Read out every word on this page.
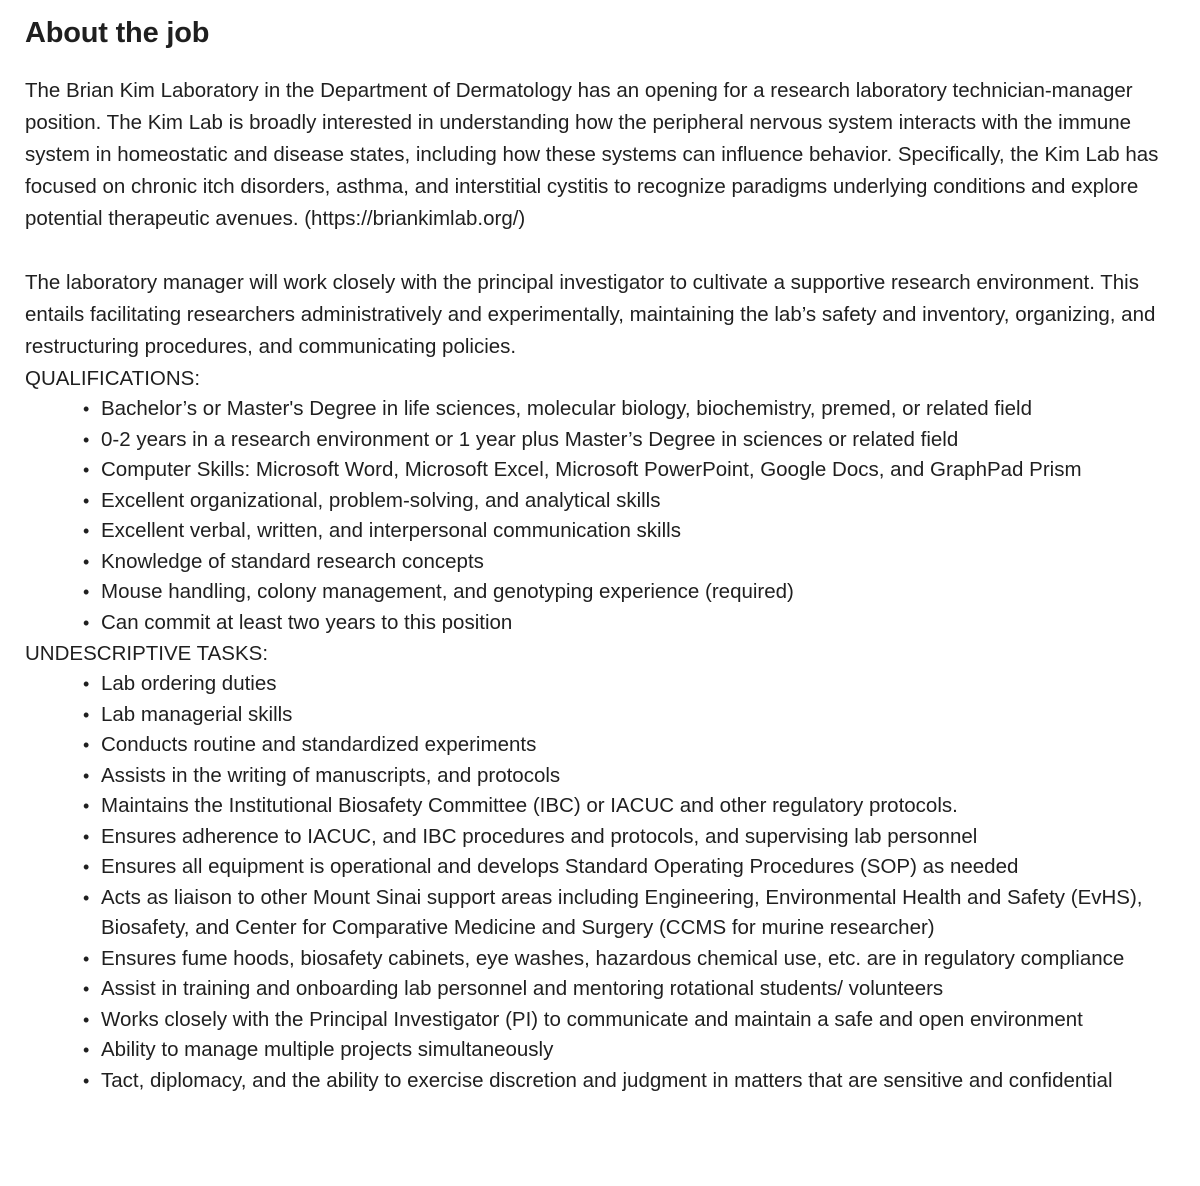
About the job

The Brian Kim Laboratory in the Department of Dermatology has an opening for a research laboratory technician-manager position. The Kim Lab is broadly interested in understanding how the peripheral nervous system interacts with the immune system in homeostatic and disease states, including how these systems can influence behavior. Specifically, the Kim Lab has focused on chronic itch disorders, asthma, and interstitial cystitis to recognize paradigms underlying conditions and explore potential therapeutic avenues. (https://briankimlab.org/)

The laboratory manager will work closely with the principal investigator to cultivate a supportive research environment. This entails facilitating researchers administratively and experimentally, maintaining the lab’s safety and inventory, organizing, and restructuring procedures, and communicating policies.

QUALIFICATIONS:

• Bachelor’s or Master's Degree in life sciences, molecular biology, biochemistry, premed, or related field
• 0-2 years in a research environment or 1 year plus Master’s Degree in sciences or related field
• Computer Skills: Microsoft Word, Microsoft Excel, Microsoft PowerPoint, Google Docs, and GraphPad Prism
• Excellent organizational, problem-solving, and analytical skills
• Excellent verbal, written, and interpersonal communication skills
• Knowledge of standard research concepts
• Mouse handling, colony management, and genotyping experience (required)
• Can commit at least two years to this position

UNDESCRIPTIVE TASKS:

• Lab ordering duties
• Lab managerial skills
• Conducts routine and standardized experiments
• Assists in the writing of manuscripts, and protocols
• Maintains the Institutional Biosafety Committee (IBC) or IACUC and other regulatory protocols.
• Ensures adherence to IACUC, and IBC procedures and protocols, and supervising lab personnel
• Ensures all equipment is operational and develops Standard Operating Procedures (SOP) as needed
• Acts as liaison to other Mount Sinai support areas including Engineering, Environmental Health and Safety (EvHS), Biosafety, and Center for Comparative Medicine and Surgery (CCMS for murine researcher)
• Ensures fume hoods, biosafety cabinets, eye washes, hazardous chemical use, etc. are in regulatory compliance
• Assist in training and onboarding lab personnel and mentoring rotational students/ volunteers
• Works closely with the Principal Investigator (PI) to communicate and maintain a safe and open environment
• Ability to manage multiple projects simultaneously
• Tact, diplomacy, and the ability to exercise discretion and judgment in matters that are sensitive and confidential
